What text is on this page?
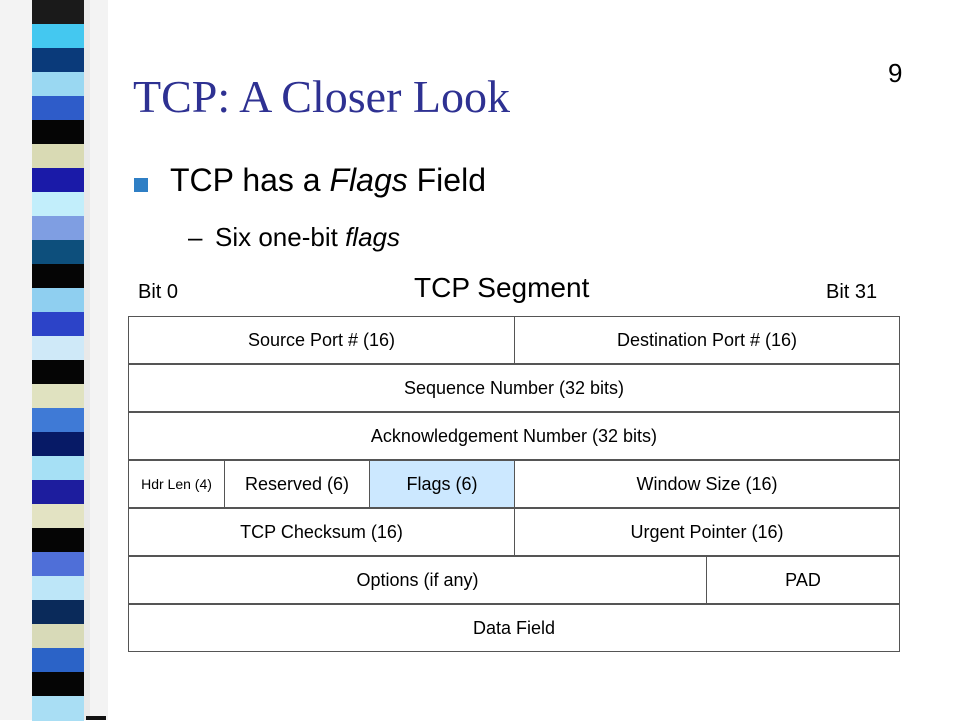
9
TCP: A Closer Look
TCP has a Flags Field
– Six one-bit flags
Bit 0	TCP Segment	Bit 31
Source Port # (16)	Destination Port # (16)
Sequence Number (32 bits)
Acknowledgement Number (32 bits)
Hdr Len (4)	Reserved (6)	Flags (6)	Window Size (16)
TCP Checksum (16)	Urgent Pointer (16)
Options (if any)	PAD
Data Field
